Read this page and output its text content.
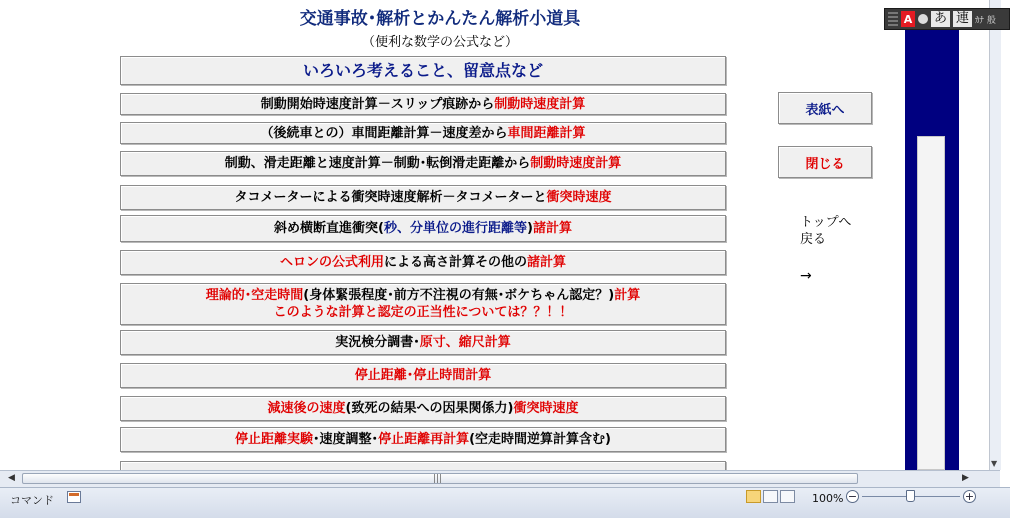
交通事故･解析とかんたん解析小道具
（便利な数学の公式など）
いろいろ考えること、留意点など
制動開始時速度計算－スリップ痕跡から制動時速度計算
（後続車との）車間距離計算－速度差から車間距離計算
制動、滑走距離と速度計算－制動･転倒滑走距離から制動時速度計算
タコメーターによる衝突時速度解析－タコメーターと衝突時速度
斜め横断直進衝突(秒、分単位の進行距離等)諸計算
ヘロンの公式利用による高さ計算その他の諸計算
理論的･空走時間(身体緊張程度･前方不注視の有無･ボケちゃん認定？)計算
このような計算と認定の正当性については？？！！
実況検分調書･原寸、縮尺計算
停止距離･停止時間計算
減速後の速度(致死の結果への因果関係力)衝突時速度
停止距離実験･速度調整･停止距離再計算(空走時間逆算計算含む)
表紙へ
閉じる
トップへ
戻る
→
▼
A あ 連 ｶﾅ 般
◀	|||	▶
コマンド	100% −	+
